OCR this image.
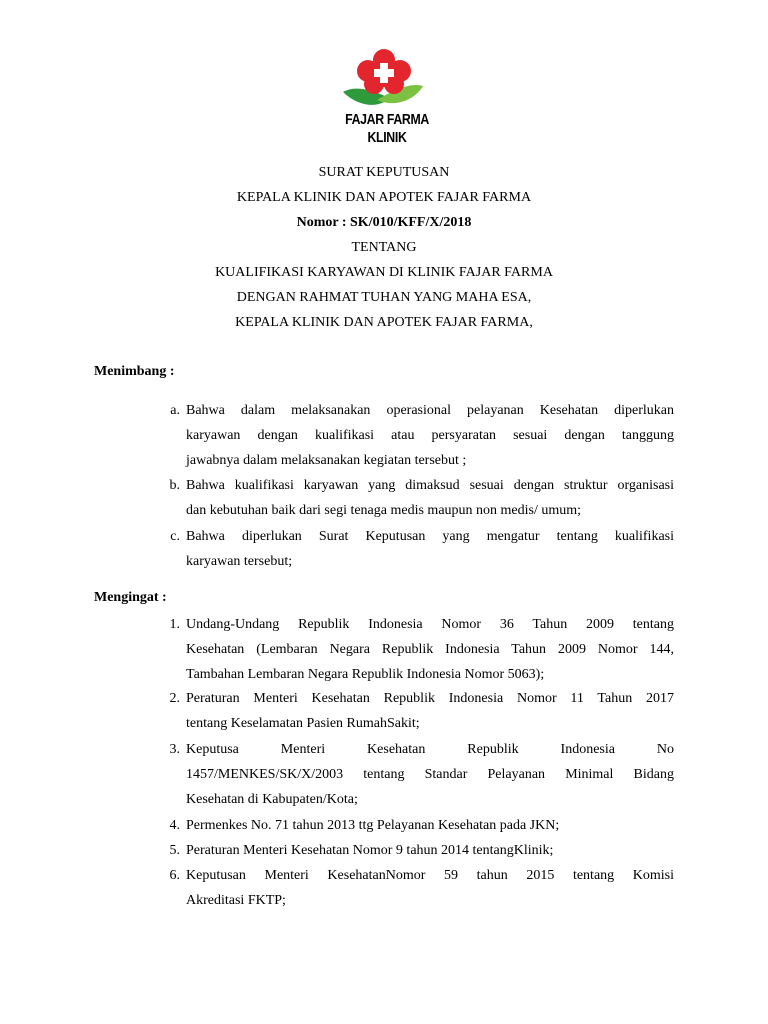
FAJAR FARMA
KLINIK
SURAT KEPUTUSAN
KEPALA KLINIK DAN APOTEK FAJAR FARMA
Nomor : SK/010/KFF/X/2018
TENTANG
KUALIFIKASI KARYAWAN DI KLINIK FAJAR FARMA
DENGAN RAHMAT TUHAN YANG MAHA ESA,
KEPALA KLINIK DAN APOTEK FAJAR FARMA,
Menimbang :
a. Bahwa dalam melaksanakan operasional pelayanan Kesehatan diperlukan
karyawan dengan kualifikasi atau persyaratan sesuai dengan tanggung
jawabnya dalam melaksanakan kegiatan tersebut ;
b. Bahwa kualifikasi karyawan yang dimaksud sesuai dengan struktur organisasi
dan kebutuhan baik dari segi tenaga medis maupun non medis/ umum;
c. Bahwa diperlukan Surat Keputusan yang mengatur tentang kualifikasi
karyawan tersebut;
Mengingat :
1. Undang-Undang Republik Indonesia Nomor 36 Tahun 2009 tentang
Kesehatan (Lembaran Negara Republik Indonesia Tahun 2009 Nomor 144,
Tambahan Lembaran Negara Republik Indonesia Nomor 5063);
2. Peraturan Menteri Kesehatan Republik Indonesia Nomor 11 Tahun 2017
tentang Keselamatan Pasien RumahSakit;
3. Keputusa Menteri Kesehatan Republik Indonesia No
1457/MENKES/SK/X/2003 tentang Standar Pelayanan Minimal Bidang
Kesehatan di Kabupaten/Kota;
4. Permenkes No. 71 tahun 2013 ttg Pelayanan Kesehatan pada JKN;
5. Peraturan Menteri Kesehatan Nomor 9 tahun 2014 tentangKlinik;
6. Keputusan Menteri KesehatanNomor 59 tahun 2015 tentang Komisi
Akreditasi FKTP;
